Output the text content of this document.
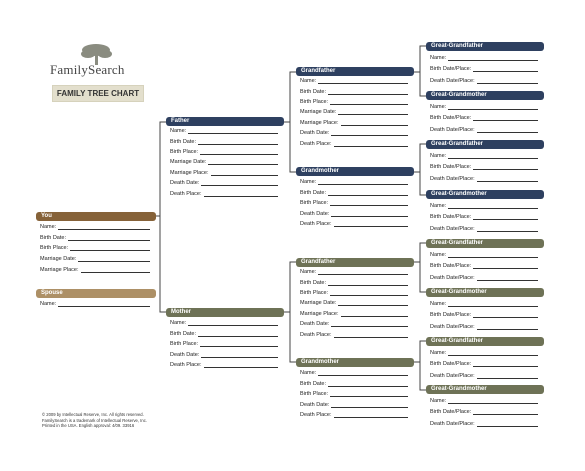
FamilySearch
FAMILY TREE CHART
You
Name:
Birth Date:
Birth Place:
Marriage Date:
Marriage Place:
Spouse
Name:
Father
Name:
Birth Date:
Birth Place:
Marriage Date:
Marriage Place:
Death Date:
Death Place:
Mother
Name:
Birth Date:
Birth Place:
Death Date:
Death Place:
Grandfather
Name:
Birth Date:
Birth Place:
Marriage Date:
Marriage Place:
Death Date:
Death Place:
Grandmother
Name:
Birth Date:
Birth Place:
Death Date:
Death Place:
Grandfather
Name:
Birth Date:
Birth Place:
Marriage Date:
Marriage Place:
Death Date:
Death Place:
Grandmother
Name:
Birth Date:
Birth Place:
Death Date:
Death Place:
Great-Grandfather
Name:
Birth Date/Place:
Death Date/Place:
Great-Grandmother
Name:
Birth Date/Place:
Death Date/Place:
Great-Grandfather
Name:
Birth Date/Place:
Death Date/Place:
Great-Grandmother
Name:
Birth Date/Place:
Death Date/Place:
Great-Grandfather
Name:
Birth Date/Place:
Death Date/Place:
Great-Grandmother
Name:
Birth Date/Place:
Death Date/Place:
Great-Grandfather
Name:
Birth Date/Place:
Death Date/Place:
Great-Grandmother
Name:
Birth Date/Place:
Death Date/Place:
© 2009 by Intellectual Reserve, Inc. All rights reserved.
FamilySearch is a trademark of Intellectual Reserve, Inc.
Printed in the USA. English approval: 4/09. 33916
